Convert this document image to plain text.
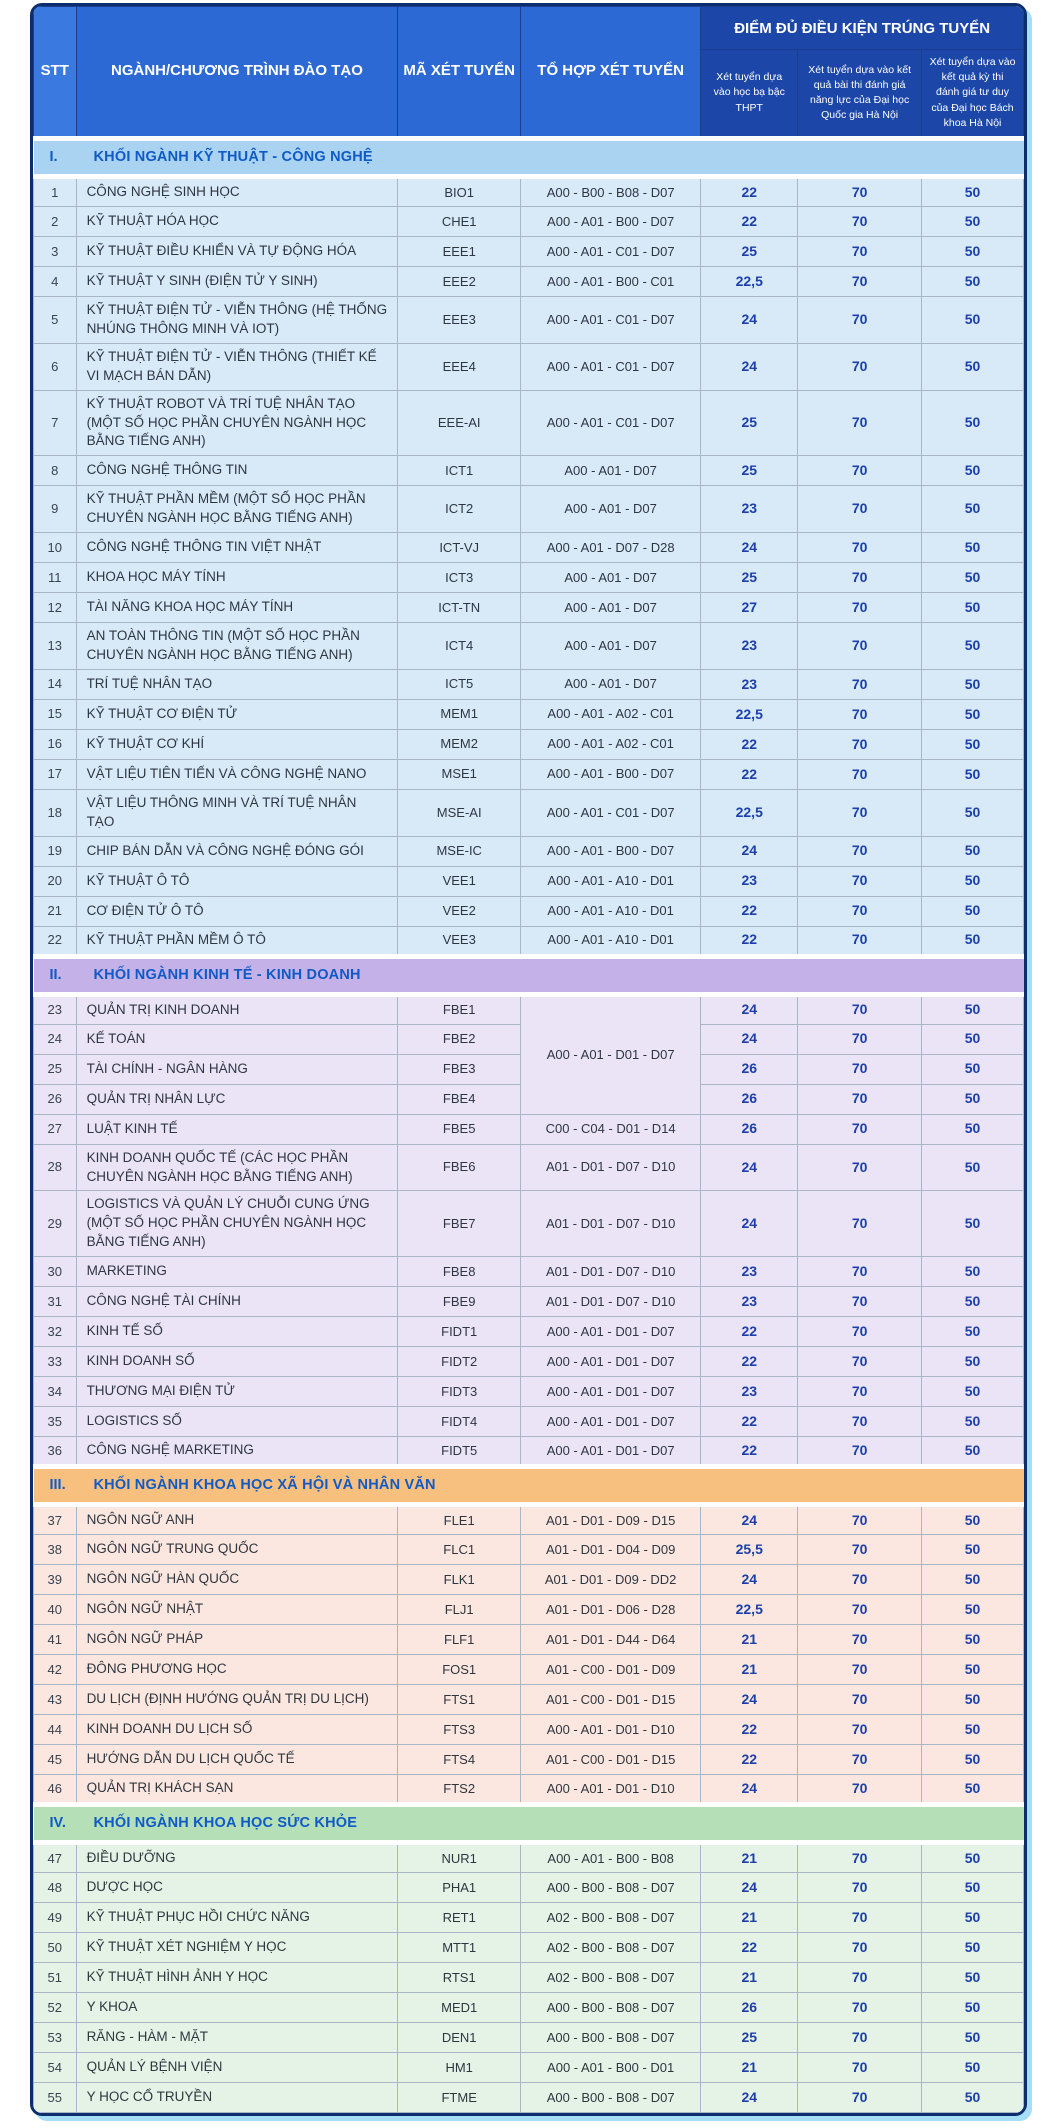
STT	NGÀNH/CHƯƠNG TRÌNH ĐÀO TẠO	MÃ XÉT TUYỂN	TỔ HỢP XÉT TUYỂN	ĐIỂM ĐỦ ĐIỀU KIỆN TRÚNG TUYỂN		
				Xét tuyển dựa vào học bạ bậc THPT	Xét tuyển dựa vào kết quả bài thi đánh giá năng lực của Đại học Quốc gia Hà Nội	Xét tuyển dựa vào kết quả kỳ thi đánh giá tư duy của Đại học Bách khoa Hà Nội
I. KHỐI NGÀNH KỸ THUẬT - CÔNG NGHỆ						
1	CÔNG NGHỆ SINH HỌC	BIO1	A00 - B00 - B08 - D07	22	70	50
2	KỸ THUẬT HÓA HỌC	CHE1	A00 - A01 - B00 - D07	22	70	50
3	KỸ THUẬT ĐIỀU KHIỂN VÀ TỰ ĐỘNG HÓA	EEE1	A00 - A01 - C01 - D07	25	70	50
4	KỸ THUẬT Y SINH (ĐIỆN TỬ Y SINH)	EEE2	A00 - A01 - B00 - C01	22,5	70	50
5	KỸ THUẬT ĐIỆN TỬ - VIỄN THÔNG (HỆ THỐNG NHÚNG THÔNG MINH VÀ IOT)	EEE3	A00 - A01 - C01 - D07	24	70	50
6	KỸ THUẬT ĐIỆN TỬ - VIỄN THÔNG (THIẾT KẾ VI MẠCH BÁN DẪN)	EEE4	A00 - A01 - C01 - D07	24	70	50
7	KỸ THUẬT ROBOT VÀ TRÍ TUỆ NHÂN TẠO (MỘT SỐ HỌC PHẦN CHUYÊN NGÀNH HỌC BẰNG TIẾNG ANH)	EEE-AI	A00 - A01 - C01 - D07	25	70	50
8	CÔNG NGHỆ THÔNG TIN	ICT1	A00 - A01 - D07	25	70	50
9	KỸ THUẬT PHẦN MỀM (MỘT SỐ HỌC PHẦN CHUYÊN NGÀNH HỌC BẰNG TIẾNG ANH)	ICT2	A00 - A01 - D07	23	70	50
10	CÔNG NGHỆ THÔNG TIN VIỆT NHẬT	ICT-VJ	A00 - A01 - D07 - D28	24	70	50
11	KHOA HỌC MÁY TÍNH	ICT3	A00 - A01 - D07	25	70	50
12	TÀI NĂNG KHOA HỌC MÁY TÍNH	ICT-TN	A00 - A01 - D07	27	70	50
13	AN TOÀN THÔNG TIN (MỘT SỐ HỌC PHẦN CHUYÊN NGÀNH HỌC BẰNG TIẾNG ANH)	ICT4	A00 - A01 - D07	23	70	50
14	TRÍ TUỆ NHÂN TẠO	ICT5	A00 - A01 - D07	23	70	50
15	KỸ THUẬT CƠ ĐIỆN TỬ	MEM1	A00 - A01 - A02 - C01	22,5	70	50
16	KỸ THUẬT CƠ KHÍ	MEM2	A00 - A01 - A02 - C01	22	70	50
17	VẬT LIỆU TIÊN TIẾN VÀ CÔNG NGHỆ NANO	MSE1	A00 - A01 - B00 - D07	22	70	50
18	VẬT LIỆU THÔNG MINH VÀ TRÍ TUỆ NHÂN TẠO	MSE-AI	A00 - A01 - C01 - D07	22,5	70	50
19	CHIP BÁN DẪN VÀ CÔNG NGHỆ ĐÓNG GÓI	MSE-IC	A00 - A01 - B00 - D07	24	70	50
20	KỸ THUẬT Ô TÔ	VEE1	A00 - A01 - A10 - D01	23	70	50
21	CƠ ĐIỆN TỬ Ô TÔ	VEE2	A00 - A01 - A10 - D01	22	70	50
22	KỸ THUẬT PHẦN MỀM Ô TÔ	VEE3	A00 - A01 - A10 - D01	22	70	50
II. KHỐI NGÀNH KINH TẾ - KINH DOANH						
23	QUẢN TRỊ KINH DOANH	FBE1	A00 - A01 - D01 - D07	24	70	50
24	KẾ TOÁN	FBE2		24	70	50
25	TÀI CHÍNH - NGÂN HÀNG	FBE3		26	70	50
26	QUẢN TRỊ NHÂN LỰC	FBE4		26	70	50
27	LUẬT KINH TẾ	FBE5	C00 - C04 - D01 - D14	26	70	50
28	KINH DOANH QUỐC TẾ (CÁC HỌC PHẦN CHUYÊN NGÀNH HỌC BẰNG TIẾNG ANH)	FBE6	A01 - D01 - D07 - D10	24	70	50
29	LOGISTICS VÀ QUẢN LÝ CHUỖI CUNG ỨNG (MỘT SỐ HỌC PHẦN CHUYÊN NGÀNH HỌC BẰNG TIẾNG ANH)	FBE7	A01 - D01 - D07 - D10	24	70	50
30	MARKETING	FBE8	A01 - D01 - D07 - D10	23	70	50
31	CÔNG NGHỆ TÀI CHÍNH	FBE9	A01 - D01 - D07 - D10	23	70	50
32	KINH TẾ SỐ	FIDT1	A00 - A01 - D01 - D07	22	70	50
33	KINH DOANH SỐ	FIDT2	A00 - A01 - D01 - D07	22	70	50
34	THƯƠNG MẠI ĐIỆN TỬ	FIDT3	A00 - A01 - D01 - D07	23	70	50
35	LOGISTICS SỐ	FIDT4	A00 - A01 - D01 - D07	22	70	50
36	CÔNG NGHỆ MARKETING	FIDT5	A00 - A01 - D01 - D07	22	70	50
III. KHỐI NGÀNH KHOA HỌC XÃ HỘI VÀ NHÂN VĂN						
37	NGÔN NGỮ ANH	FLE1	A01 - D01 - D09 - D15	24	70	50
38	NGÔN NGỮ TRUNG QUỐC	FLC1	A01 - D01 - D04 - D09	25,5	70	50
39	NGÔN NGỮ HÀN QUỐC	FLK1	A01 - D01 - D09 - DD2	24	70	50
40	NGÔN NGỮ NHẬT	FLJ1	A01 - D01 - D06 - D28	22,5	70	50
41	NGÔN NGỮ PHÁP	FLF1	A01 - D01 - D44 - D64	21	70	50
42	ĐÔNG PHƯƠNG HỌC	FOS1	A01 - C00 - D01 - D09	21	70	50
43	DU LỊCH (ĐỊNH HƯỚNG QUẢN TRỊ DU LỊCH)	FTS1	A01 - C00 - D01 - D15	24	70	50
44	KINH DOANH DU LỊCH SỐ	FTS3	A00 - A01 - D01 - D10	22	70	50
45	HƯỚNG DẪN DU LỊCH QUỐC TẾ	FTS4	A01 - C00 - D01 - D15	22	70	50
46	QUẢN TRỊ KHÁCH SẠN	FTS2	A00 - A01 - D01 - D10	24	70	50
IV. KHỐI NGÀNH KHOA HỌC SỨC KHỎE						
47	ĐIỀU DƯỠNG	NUR1	A00 - A01 - B00 - B08	21	70	50
48	DƯỢC HỌC	PHA1	A00 - B00 - B08 - D07	24	70	50
49	KỸ THUẬT PHỤC HỒI CHỨC NĂNG	RET1	A02 - B00 - B08 - D07	21	70	50
50	KỸ THUẬT XÉT NGHIỆM Y HỌC	MTT1	A02 - B00 - B08 - D07	22	70	50
51	KỸ THUẬT HÌNH ẢNH Y HỌC	RTS1	A02 - B00 - B08 - D07	21	70	50
52	Y KHOA	MED1	A00 - B00 - B08 - D07	26	70	50
53	RĂNG - HÀM - MẶT	DEN1	A00 - B00 - B08 - D07	25	70	50
54	QUẢN LÝ BỆNH VIỆN	HM1	A00 - A01 - B00 - D01	21	70	50
55	Y HỌC CỔ TRUYỀN	FTME	A00 - B00 - B08 - D07	24	70	50
